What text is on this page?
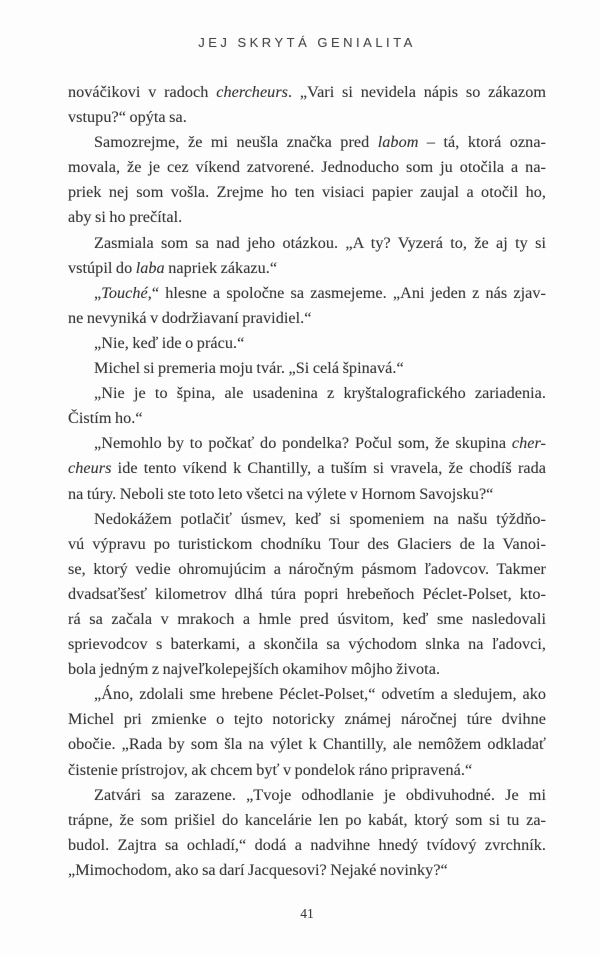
JEJ SKRYTÁ GENIALITA
nováčikovi v radoch chercheurs. „Vari si nevidela nápis so zákazom
vstupu?“ opýta sa.
Samozrejme, že mi neušla značka pred labom – tá, ktorá ozna-
movala, že je cez víkend zatvorené. Jednoducho som ju otočila a na-
priek nej som vošla. Zrejme ho ten visiaci papier zaujal a otočil ho,
aby si ho prečítal.
Zasmiala som sa nad jeho otázkou. „A ty? Vyzerá to, že aj ty si
vstúpil do laba napriek zákazu.“
„Touché,“ hlesne a spoločne sa zasmejeme. „Ani jeden z nás zjav-
ne nevyniká v dodržiavaní pravidiel.“
„Nie, keď ide o prácu.“
Michel si premeria moju tvár. „Si celá špinavá.“
„Nie je to špina, ale usadenina z kryštalografického zariadenia.
Čistím ho.“
„Nemohlo by to počkať do pondelka? Počul som, že skupina cher-
cheurs ide tento víkend k Chantilly, a tuším si vravela, že chodíš rada
na túry. Neboli ste toto leto všetci na výlete v Hornom Savojsku?“
Nedokážem potlačiť úsmev, keď si spomeniem na našu týždňo-
vú výpravu po turistickom chodníku Tour des Glaciers de la Vanoi-
se, ktorý vedie ohromujúcim a náročným pásmom ľadovcov. Takmer
dvadsaťšesť kilometrov dlhá túra popri hrebeňoch Péclet-Polset, kto-
rá sa začala v mrakoch a hmle pred úsvitom, keď sme nasledovali
sprievodcov s baterkami, a skončila sa východom slnka na ľadovci,
bola jedným z najveľkolepejších okamihov môjho života.
„Áno, zdolali sme hrebene Péclet-Polset,“ odvetím a sledujem, ako
Michel pri zmienke o tejto notoricky známej náročnej túre dvihne
obočie. „Rada by som šla na výlet k Chantilly, ale nemôžem odkladať
čistenie prístrojov, ak chcem byť v pondelok ráno pripravená.“
Zatvári sa zarazene. „Tvoje odhodlanie je obdivuhodné. Je mi
trápne, že som prišiel do kancelárie len po kabát, ktorý som si tu za-
budol. Zajtra sa ochladí,“ dodá a nadvihne hnedý tvídový zvrchník.
„Mimochodom, ako sa darí Jacquesovi? Nejaké novinky?“
41
